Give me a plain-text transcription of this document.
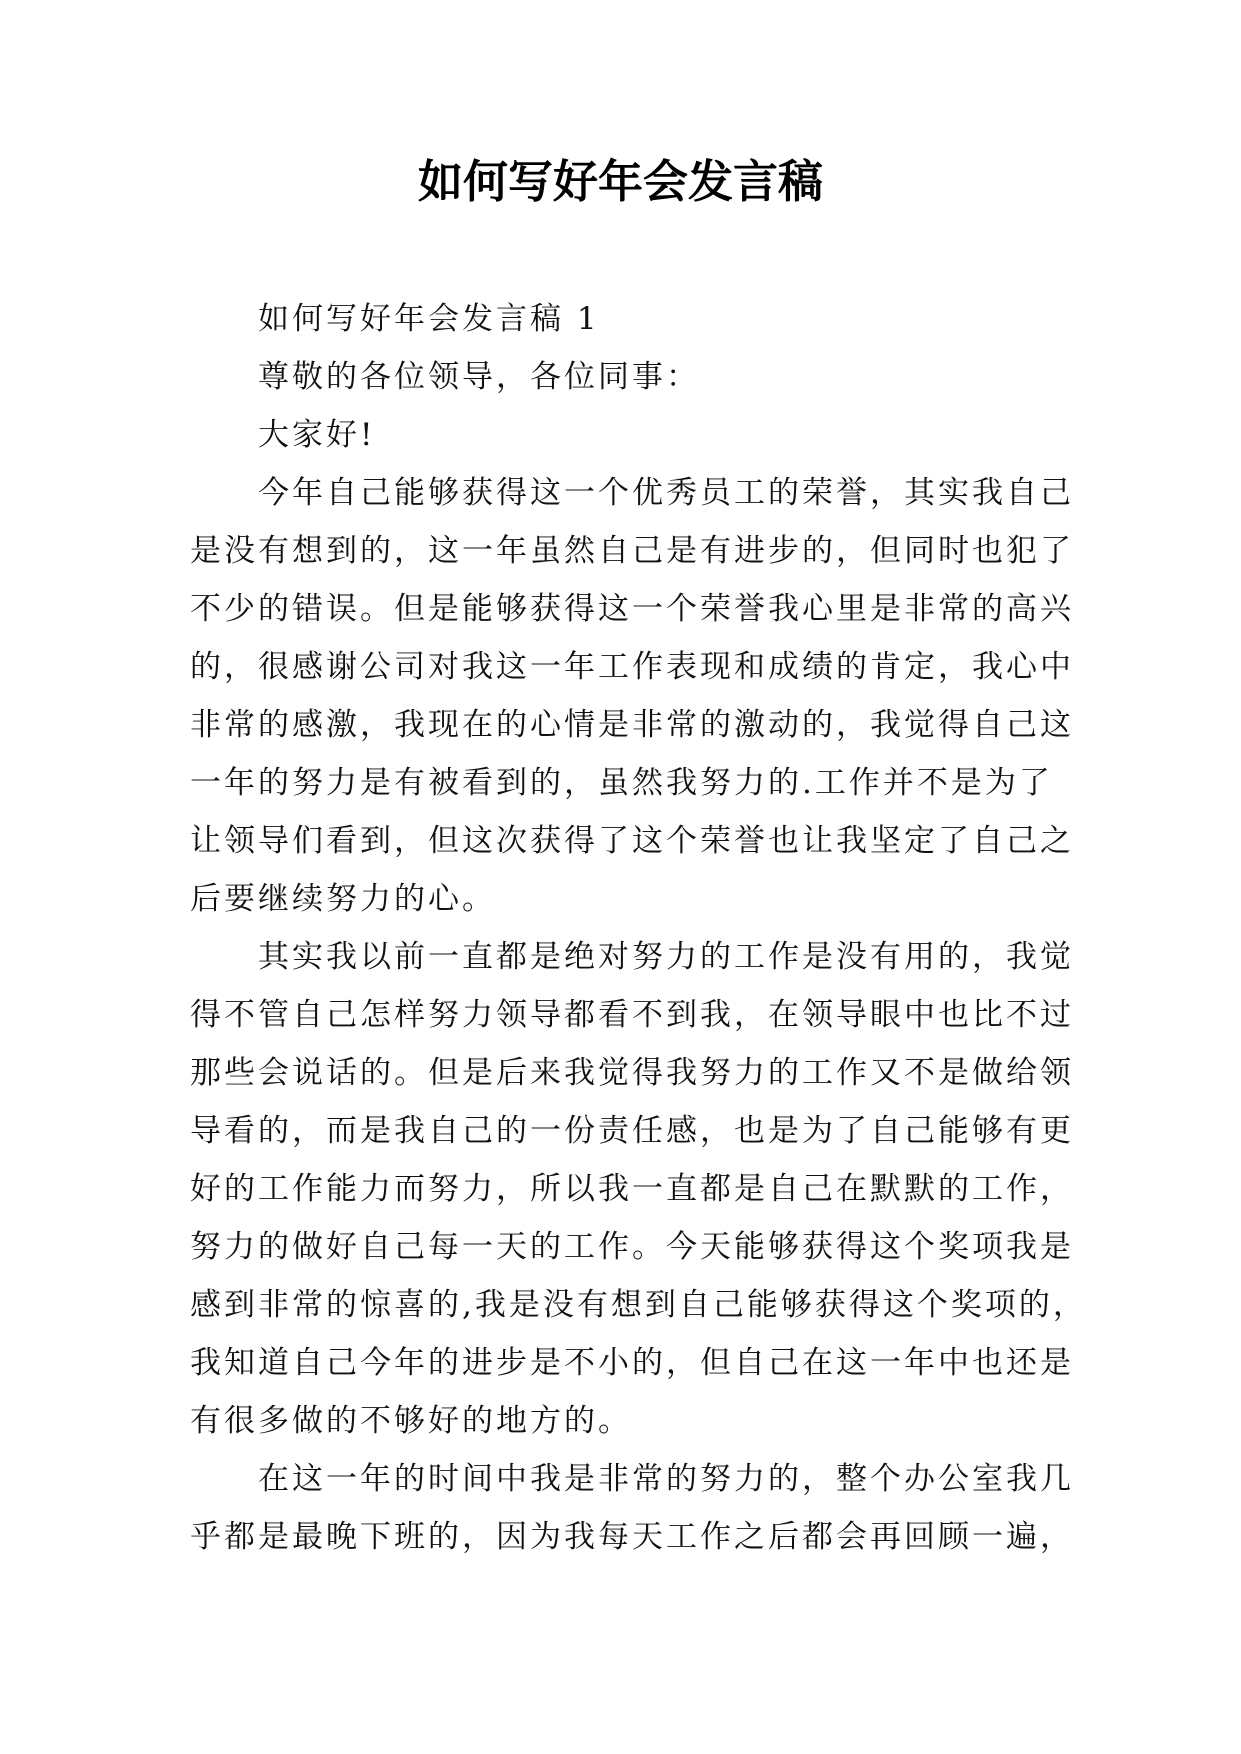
如何写好年会发言稿
如何写好年会发言稿 1
尊敬的各位领导，各位同事：
大家好!
今年自己能够获得这一个优秀员工的荣誉，其实我自己
是没有想到的，这一年虽然自己是有进步的，但同时也犯了
不少的错误。但是能够获得这一个荣誉我心里是非常的高兴
的，很感谢公司对我这一年工作表现和成绩的肯定，我心中
非常的感激，我现在的心情是非常的激动的，我觉得自己这
一年的努力是有被看到的，虽然我努力的.工作并不是为了
让领导们看到，但这次获得了这个荣誉也让我坚定了自己之
后要继续努力的心。
其实我以前一直都是绝对努力的工作是没有用的，我觉
得不管自己怎样努力领导都看不到我，在领导眼中也比不过
那些会说话的。但是后来我觉得我努力的工作又不是做给领
导看的，而是我自己的一份责任感，也是为了自己能够有更
好的工作能力而努力，所以我一直都是自己在默默的工作，
努力的做好自己每一天的工作。今天能够获得这个奖项我是
感到非常的惊喜的,我是没有想到自己能够获得这个奖项的，
我知道自己今年的进步是不小的，但自己在这一年中也还是
有很多做的不够好的地方的。
在这一年的时间中我是非常的努力的，整个办公室我几
乎都是最晚下班的，因为我每天工作之后都会再回顾一遍，
